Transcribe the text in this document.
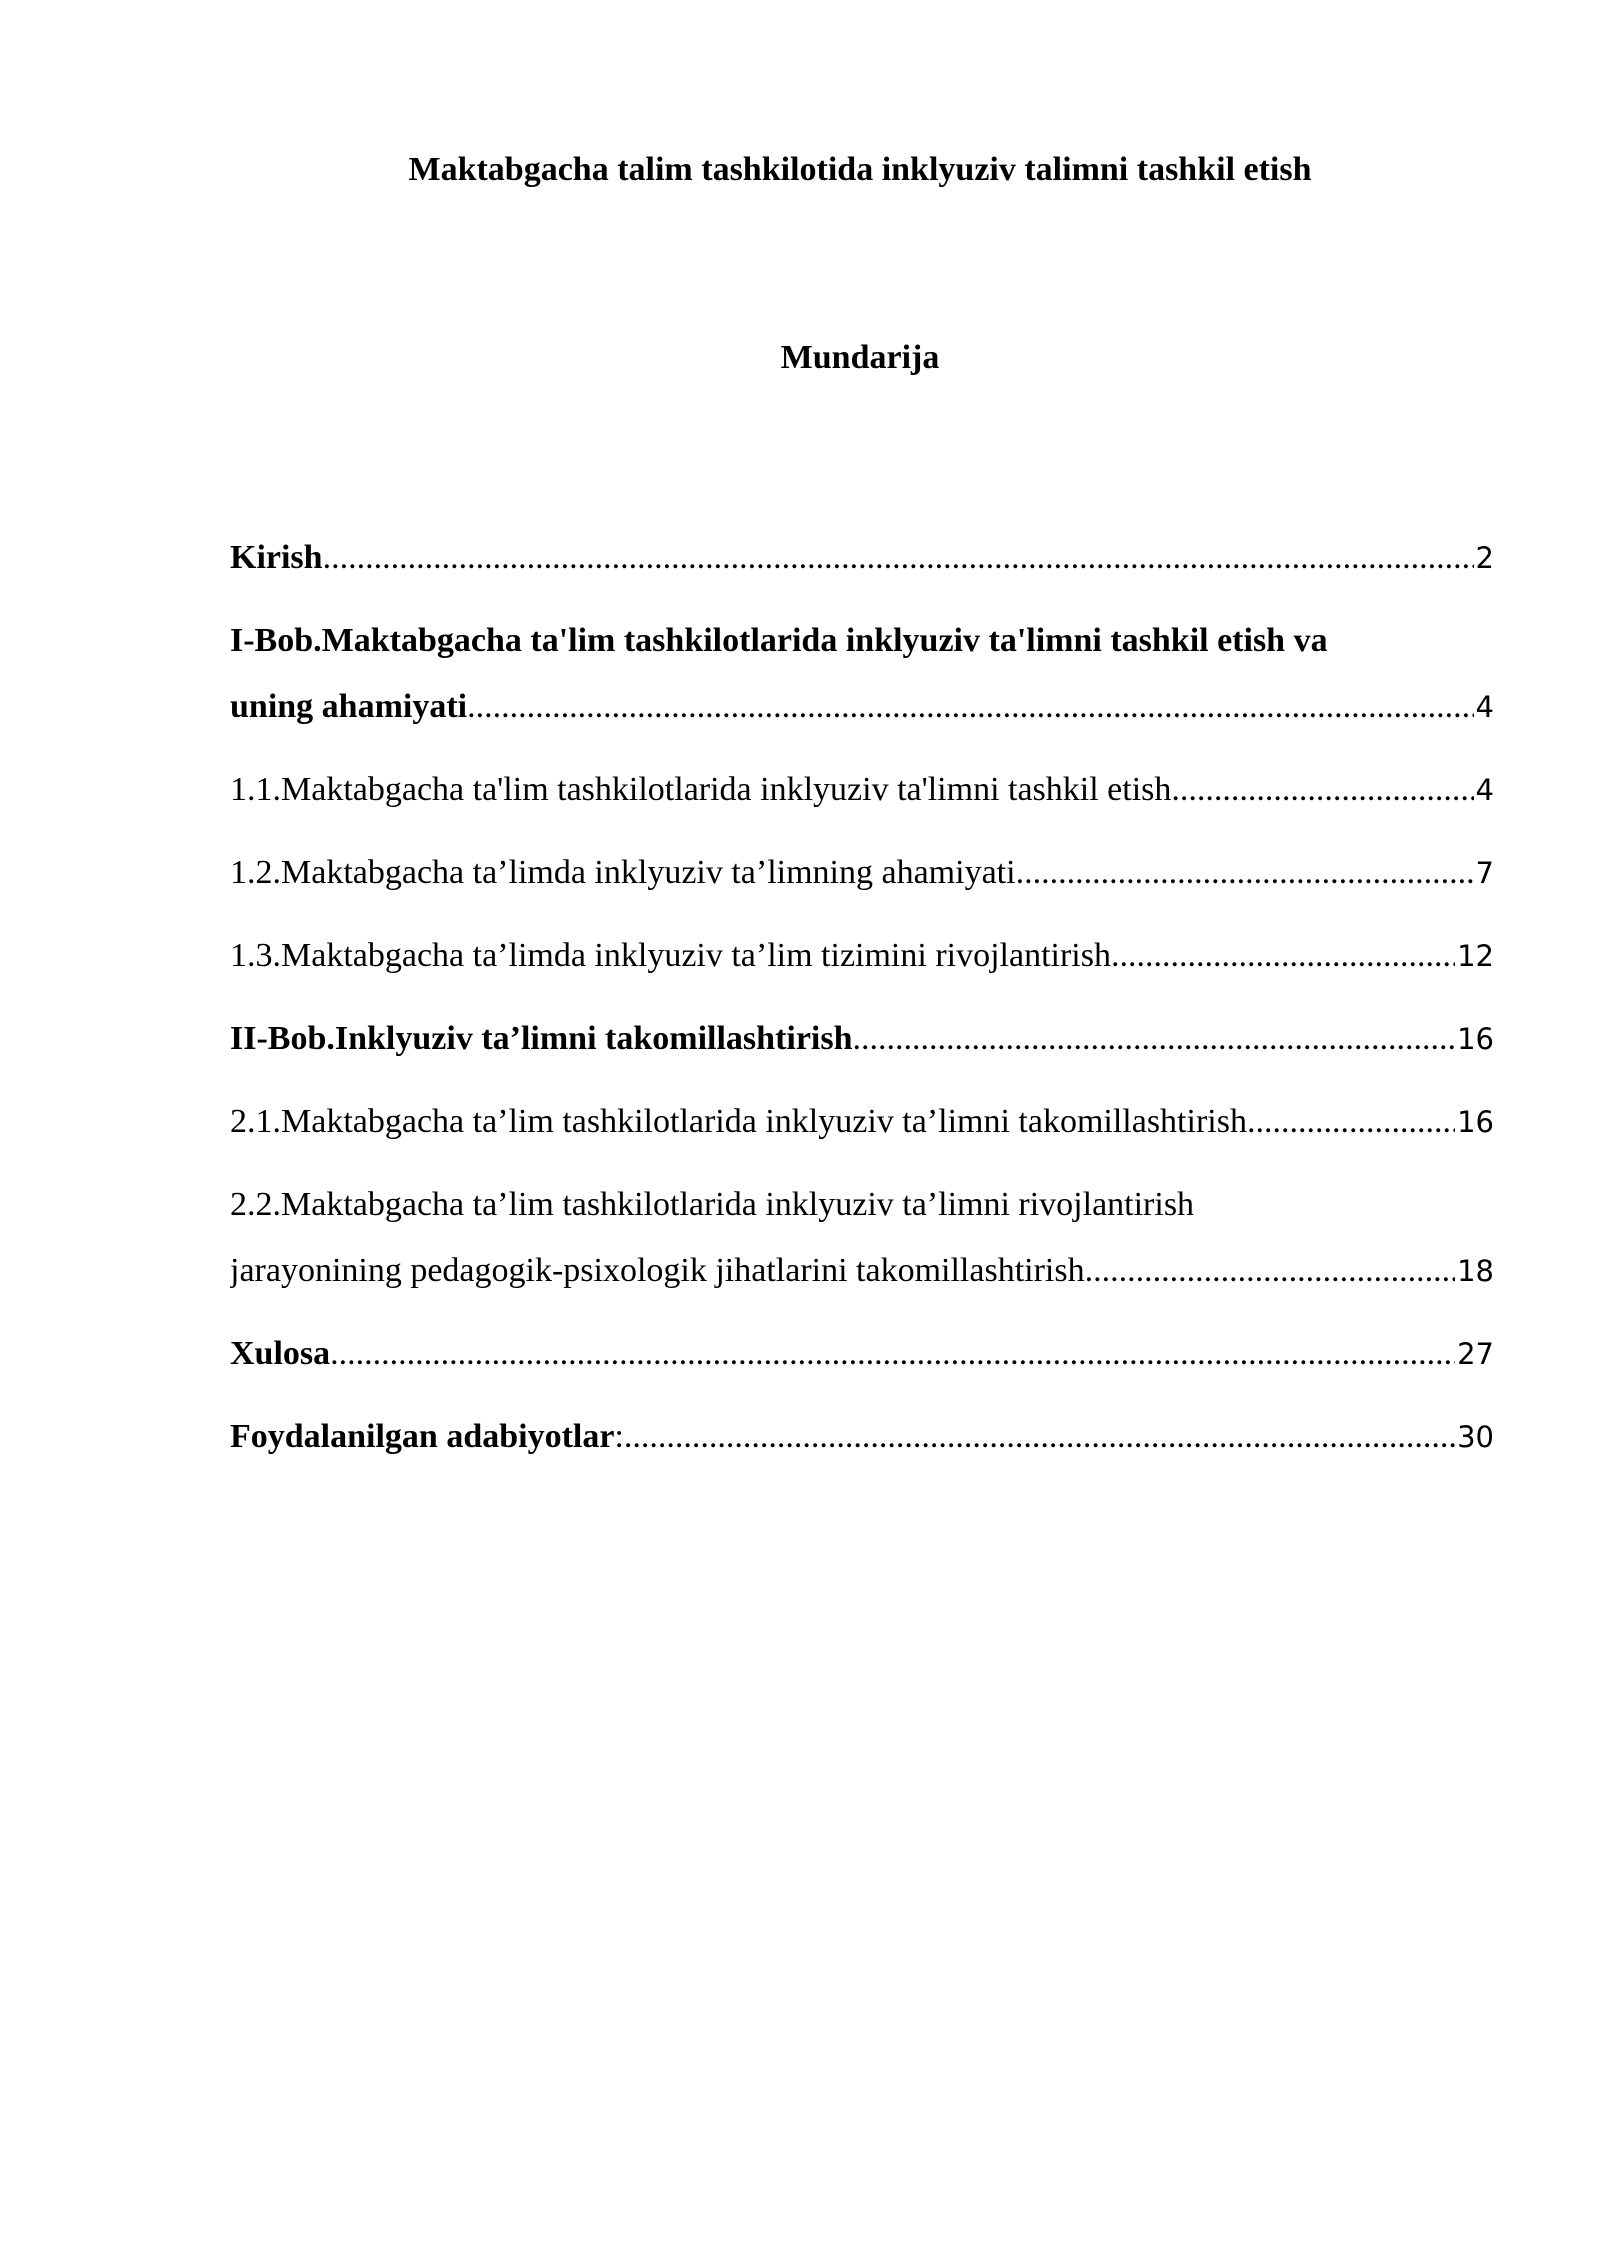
Maktabgacha talim tashkilotida inklyuziv talimni tashkil etish
Mundarija
Kirish .....	2
I-Bob.Maktabgacha ta'lim tashkilotlarida inklyuziv ta'limni tashkil etish va
uning ahamiyati .....	4
1.1.Maktabgacha ta'lim tashkilotlarida inklyuziv ta'limni tashkil etish .....	4
1.2.Maktabgacha ta’limda inklyuziv ta’limning ahamiyati .....	7
1.3.Maktabgacha ta’limda inklyuziv ta’lim tizimini rivojlantirish .....	12
II-Bob.Inklyuziv ta’limni takomillashtirish .....	16
2.1.Maktabgacha ta’lim tashkilotlarida inklyuziv ta’limni takomillashtirish .....	16
2.2.Maktabgacha ta’lim tashkilotlarida inklyuziv ta’limni rivojlantirish
jarayonining pedagogik-psixologik jihatlarini takomillashtirish .....	18
Xulosa .....	27
Foydalanilgan adabiyotlar: .....	30
